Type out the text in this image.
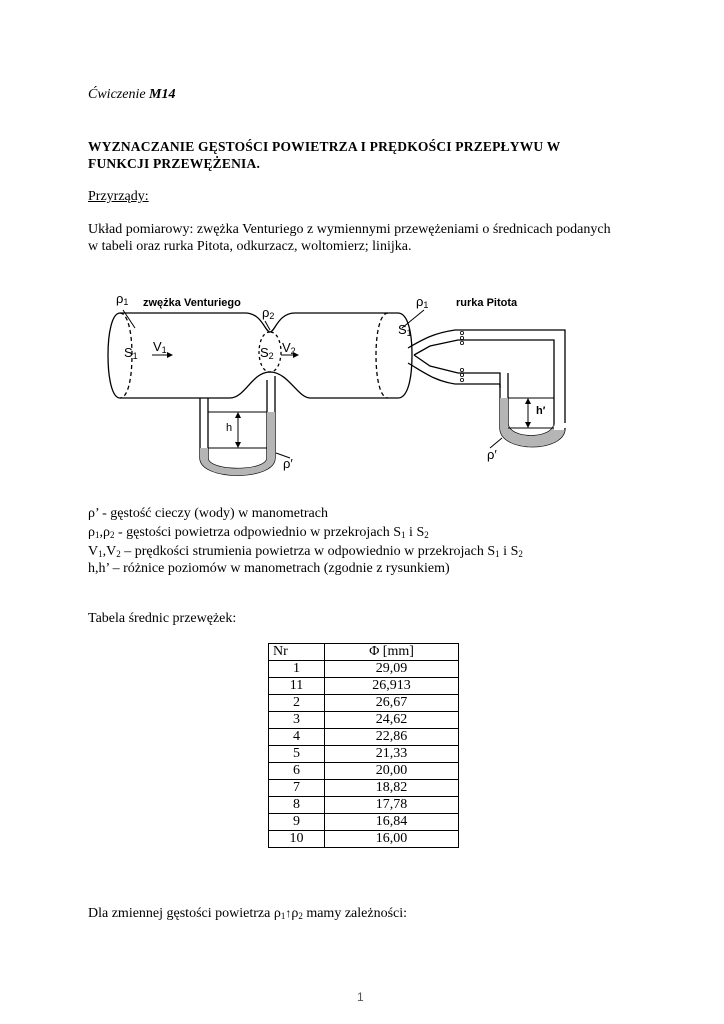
Ćwiczenie M14
WYZNACZANIE GĘSTOŚCI POWIETRZA I PRĘDKOŚCI PRZEPŁYWU W
FUNKCJI PRZEWĘŻENIA.
Przyrządy:
Układ pomiarowy: zwężka Venturiego z wymiennymi przewężeniami o średnicach podanych
w tabeli oraz rurka Pitota, odkurzacz, woltomierz; linijka.
$\rho_1$ zwężka Venturiego
$\rho_2$
$\rho_1$	rurka Pitota
$S_1$
$S_1$
$V_1$	$S_2$
$V_2$
h
h′
ρ′
ρ′
ρ’ - gęstość cieczy (wody) w manometrach
$\rho_1,\rho_2$ - gęstości powietrza odpowiednio w przekrojach $S_1$ i $S_2$
$V_1,V_2$ – prędkości strumienia powietrza w odpowiednio w przekrojach $S_1$ i $S_2$
h,h’ – różnice poziomów w manometrach (zgodnie z rysunkiem)
Tabela średnic przewężek:
Nr	Φ [mm]
1	29,09
11	26,913
2	26,67
3	24,62
4	22,86
5	21,33
6	20,00
7	18,82
8	17,78
9	16,84
10	16,00
Dla zmiennej gęstości powietrza $\rho_1↑\rho_2$ mamy zależności:
1
